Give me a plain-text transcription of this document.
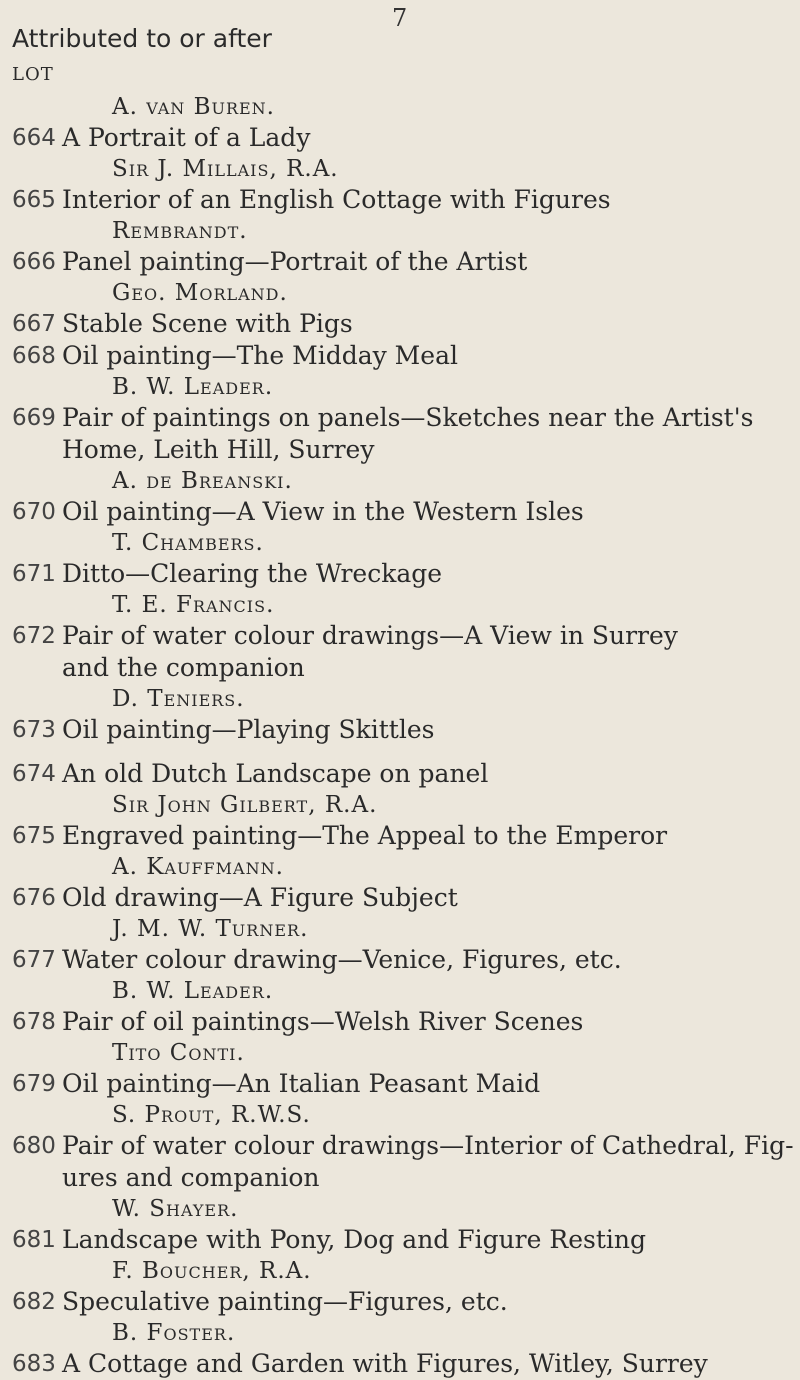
7
Attributed to or after
LOT
A. van Buren.
664 A Portrait of a Lady
Sir J. Millais, R.A.
665 Interior of an English Cottage with Figures
Rembrandt.
666 Panel painting—Portrait of the Artist
Geo. Morland.
667 Stable Scene with Pigs
668 Oil painting—The Midday Meal
B. W. Leader.
669 Pair of paintings on panels—Sketches near the Artist's
Home, Leith Hill, Surrey
A. de Breanski.
670 Oil painting—A View in the Western Isles
T. Chambers.
671 Ditto—Clearing the Wreckage
T. E. Francis.
672 Pair of water colour drawings—A View in Surrey
and the companion
D. Teniers.
673 Oil painting—Playing Skittles
674 An old Dutch Landscape on panel
Sir John Gilbert, R.A.
675 Engraved painting—The Appeal to the Emperor
A. Kauffmann.
676 Old drawing—A Figure Subject
J. M. W. Turner.
677 Water colour drawing—Venice, Figures, etc.
B. W. Leader.
678 Pair of oil paintings—Welsh River Scenes
Tito Conti.
679 Oil painting—An Italian Peasant Maid
S. Prout, R.W.S.
680 Pair of water colour drawings—Interior of Cathedral, Fig-
ures and companion
W. Shayer.
681 Landscape with Pony, Dog and Figure Resting
F. Boucher, R.A.
682 Speculative painting—Figures, etc.
B. Foster.
683 A Cottage and Garden with Figures, Witley, Surrey
